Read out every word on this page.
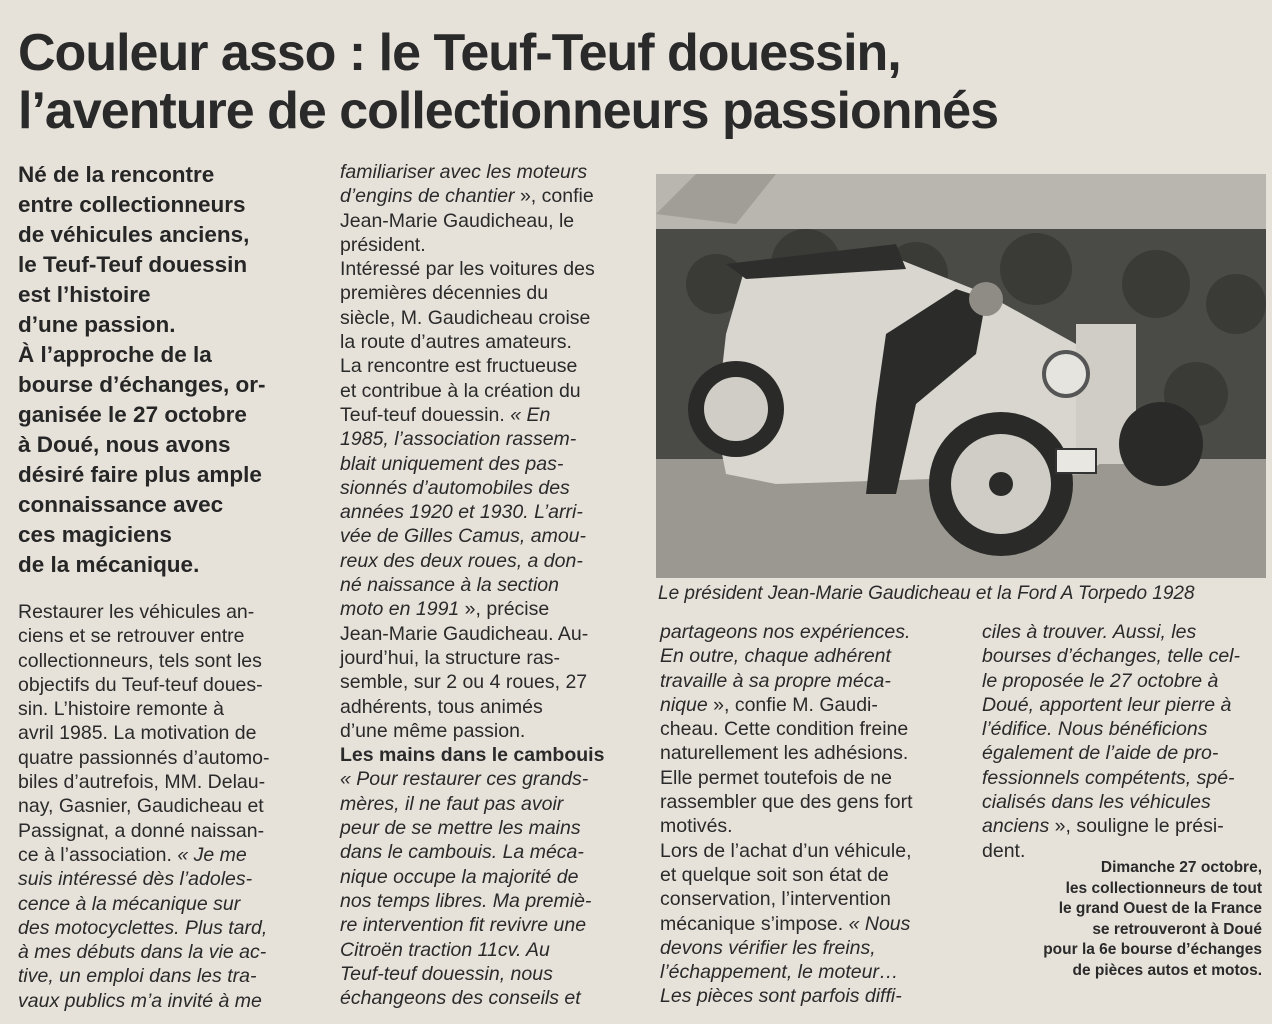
Couleur asso : le Teuf-Teuf douessin,
l’aventure de collectionneurs passionnés
Né de la rencontre
entre collectionneurs
de véhicules anciens,
le Teuf-Teuf douessin
est l’histoire
d’une passion.
À l’approche de la
bourse d’échanges, or-
ganisée le 27 octobre
à Doué, nous avons
désiré faire plus ample
connaissance avec
ces magiciens
de la mécanique.
Restaurer les véhicules an-
ciens et se retrouver entre
collectionneurs, tels sont les
objectifs du Teuf-teuf doues-
sin. L’histoire remonte à
avril 1985. La motivation de
quatre passionnés d’automo-
biles d’autrefois, MM. Delau-
nay, Gasnier, Gaudicheau et
Passignat, a donné naissan-
ce à l’association. « Je me
suis intéressé dès l’adoles-
cence à la mécanique sur
des motocyclettes. Plus tard,
à mes débuts dans la vie ac-
tive, un emploi dans les tra-
vaux publics m’a invité à me
familiariser avec les moteurs
d’engins de chantier », confie
Jean-Marie Gaudicheau, le
président.
Intéressé par les voitures des
premières décennies du
siècle, M. Gaudicheau croise
la route d’autres amateurs.
La rencontre est fructueuse
et contribue à la création du
Teuf-teuf douessin. « En
1985, l’association rassem-
blait uniquement des pas-
sionnés d’automobiles des
années 1920 et 1930. L’arri-
vée de Gilles Camus, amou-
reux des deux roues, a don-
né naissance à la section
moto en 1991 », précise
Jean-Marie Gaudicheau. Au-
jourd’hui, la structure ras-
semble, sur 2 ou 4 roues, 27
adhérents, tous animés
d’une même passion.
Les mains dans le cambouis
« Pour restaurer ces grands-
mères, il ne faut pas avoir
peur de se mettre les mains
dans le cambouis. La méca-
nique occupe la majorité de
nos temps libres. Ma premiè-
re intervention fit revivre une
Citroën traction 11cv. Au
Teuf-teuf douessin, nous
échangeons des conseils et
Le président Jean-Marie Gaudicheau et la Ford A Torpedo 1928
partageons nos expériences.
En outre, chaque adhérent
travaille à sa propre méca-
nique », confie M. Gaudi-
cheau. Cette condition freine
naturellement les adhésions.
Elle permet toutefois de ne
rassembler que des gens fort
motivés.
Lors de l’achat d’un véhicule,
et quelque soit son état de
conservation, l’intervention
mécanique s’impose. « Nous
devons vérifier les freins,
l’échappement, le moteur…
Les pièces sont parfois diffi-
ciles à trouver. Aussi, les
bourses d’échanges, telle cel-
le proposée le 27 octobre à
Doué, apportent leur pierre à
l’édifice. Nous bénéficions
également de l’aide de pro-
fessionnels compétents, spé-
cialisés dans les véhicules
anciens », souligne le prési-
dent.
Dimanche 27 octobre,
les collectionneurs de tout
le grand Ouest de la France
se retrouveront à Doué
pour la 6e bourse d’échanges
de pièces autos et motos.
